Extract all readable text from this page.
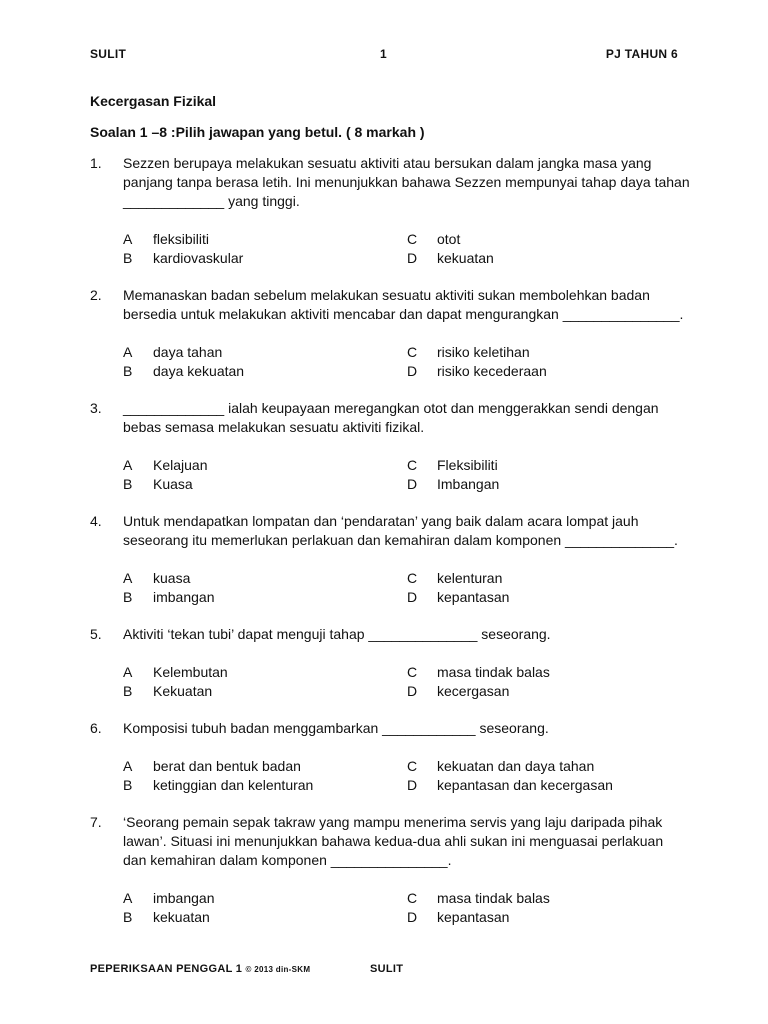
SULIT	1	PJ TAHUN 6
Kecergasan Fizikal
Soalan 1 –8 :Pilih jawapan yang betul. ( 8 markah )
1. Sezzen berupaya melakukan sesuatu aktiviti atau bersukan dalam jangka masa yang panjang tanpa berasa letih. Ini menunjukkan bahawa Sezzen mempunyai tahap daya tahan _____________ yang tinggi.
A fleksibiliti
B kardiovaskular
C otot
D kekuatan
2. Memanaskan badan sebelum melakukan sesuatu aktiviti sukan membolehkan badan bersedia untuk melakukan aktiviti mencabar dan dapat mengurangkan _______________.
A daya tahan
B daya kekuatan
C risiko keletihan
D risiko kecederaan
3. _____________ ialah keupayaan meregangkan otot dan menggerakkan sendi dengan bebas semasa melakukan sesuatu aktiviti fizikal.
A Kelajuan
B Kuasa
C Fleksibiliti
D Imbangan
4. Untuk mendapatkan lompatan dan ‘pendaratan’ yang baik dalam acara lompat jauh seseorang itu memerlukan perlakuan dan kemahiran dalam komponen ______________.
A kuasa
B imbangan
C kelenturan
D kepantasan
5. Aktiviti ‘tekan tubi’ dapat menguji tahap ______________ seseorang.
A Kelembutan
B Kekuatan
C masa tindak balas
D kecergasan
6. Komposisi tubuh badan menggambarkan ____________ seseorang.
A berat dan bentuk badan
B ketinggian dan kelenturan
C kekuatan dan daya tahan
D kepantasan dan kecergasan
7. ‘Seorang pemain sepak takraw yang mampu menerima servis yang laju daripada pihak lawan’. Situasi ini menunjukkan bahawa kedua-dua ahli sukan ini menguasai perlakuan dan kemahiran dalam komponen _______________.
A imbangan
B kekuatan
C masa tindak balas
D kepantasan
PEPERIKSAAN PENGGAL 1 © 2013 din-SKM	SULIT
